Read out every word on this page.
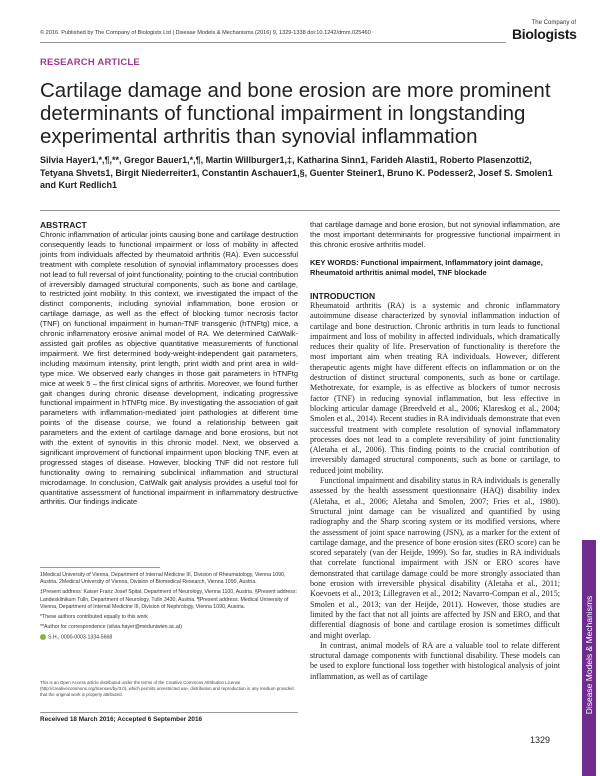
© 2016. Published by The Company of Biologists Ltd | Disease Models & Mechanisms (2016) 9, 1329-1338 doi:10.1242/dmm.025460
The Company of
Biologists
RESEARCH ARTICLE
Cartilage damage and bone erosion are more prominent determinants of functional impairment in longstanding experimental arthritis than synovial inflammation
Silvia Hayer1,*,¶,**, Gregor Bauer1,*,¶, Martin Willburger1,‡, Katharina Sinn1, Farideh Alasti1, Roberto Plasenzotti2, Tetyana Shvets1, Birgit Niederreiter1, Constantin Aschauer1,§, Guenter Steiner1, Bruno K. Podesser2, Josef S. Smolen1 and Kurt Redlich1
ABSTRACT
Chronic inflammation of articular joints causing bone and cartilage destruction consequently leads to functional impairment or loss of mobility in affected joints from individuals affected by rheumatoid arthritis (RA). Even successful treatment with complete resolution of synovial inflammatory processes does not lead to full reversal of joint functionality, pointing to the crucial contribution of irreversibly damaged structural components, such as bone and cartilage, to restricted joint mobility. In this context, we investigated the impact of the distinct components, including synovial inflammation, bone erosion or cartilage damage, as well as the effect of blocking tumor necrosis factor (TNF) on functional impairment in human-TNF transgenic (hTNFtg) mice, a chronic inflammatory erosive animal model of RA. We determined CatWalk-assisted gait profiles as objective quantitative measurements of functional impairment. We first determined body-weight-independent gait parameters, including maximum intensity, print length, print width and print area in wild-type mice. We observed early changes in those gait parameters in hTNFtg mice at week 5 – the first clinical signs of arthritis. Moreover, we found further gait changes during chronic disease development, indicating progressive functional impairment in hTNFtg mice. By investigating the association of gait parameters with inflammation-mediated joint pathologies at different time points of the disease course, we found a relationship between gait parameters and the extent of cartilage damage and bone erosions, but not with the extent of synovitis in this chronic model. Next, we observed a significant improvement of functional impairment upon blocking TNF, even at progressed stages of disease. However, blocking TNF did not restore full functionality owing to remaining subclinical inflammation and structural microdamage. In conclusion, CatWalk gait analysis provides a useful tool for quantitative assessment of functional impairment in inflammatory destructive arthritis. Our findings indicate
that cartilage damage and bone erosion, but not synovial inflammation, are the most important determinants for progressive functional impairment in this chronic erosive arthritis model.
KEY WORDS: Functional impairment, Inflammatory joint damage, Rheumatoid arthritis animal model, TNF blockade
INTRODUCTION

Rheumatoid arthritis (RA) is a systemic and chronic inflammatory autoimmune disease characterized by synovial inflammation induction of cartilage and bone destruction. Chronic arthritis in turn leads to functional impairment and loss of mobility in affected individuals, which dramatically reduces their quality of life. Preservation of functionality is therefore the most important aim when treating RA individuals. However, different therapeutic agents might have different effects on inflammation or on the destruction of distinct structural components, such as bone or cartilage. Methotrexate, for example, is as effective as blockers of tumor necrosis factor (TNF) in reducing synovial inflammation, but less effective in blocking articular damage (Breedveld et al., 2006; Klareskog et al., 2004; Smolen et al., 2014). Recent studies in RA individuals demonstrate that even successful treatment with complete resolution of synovial inflammatory processes does not lead to a complete reversibility of joint functionality (Aletaha et al., 2006). This finding points to the crucial contribution of irreversibly damaged structural components, such as bone or cartilage, to reduced joint mobility.

Functional impairment and disability status in RA individuals is generally assessed by the health assessment questionnaire (HAQ) disability index (Aletaha, et al., 2006; Aletaha and Smolen, 2007; Fries et al., 1980). Structural joint damage can be visualized and quantified by using radiography and the Sharp scoring system or its modified versions, where the assessment of joint space narrowing (JSN), as a marker for the extent of cartilage damage, and the presence of bone erosion sites (ERO score) can be scored separately (van der Heijde, 1999). So far, studies in RA individuals that correlate functional impairment with JSN or ERO scores have demonstrated that cartilage damage could be more strongly associated than bone erosion with irreversible physical disability (Aletaha et al., 2011; Koevoets et al., 2013; Lillegraven et al., 2012; Navarro-Compan et al., 2015; Smolen et al., 2013; van der Heijde, 2011). However, those studies are limited by the fact that not all joints are affected by JSN and ERO, and that differential diagnosis of bone and cartilage erosion is sometimes difficult and might overlap.

In contrast, animal models of RA are a valuable tool to relate different structural damage components with functional disability. These models can be used to explore functional loss together with histological analysis of joint inflammation, as well as of cartilage

1Medical University of Vienna, Department of Internal Medicine III, Division of Rheumatology, Vienna 1090, Austria. 2Medical University of Vienna, Division of Biomedical Research, Vienna 1090, Austria.

‡Present address: Kaiser Franz Josef Spital, Department of Neurology, Vienna 1100, Austria. §Present address: Landesklinikum Tulln, Department of Neurology, Tulln 3430, Austria. ¶Present address: Medical University of Vienna, Department of Internal Medicine III, Division of Nephrology, Vienna 1090, Austria.

*These authors contributed equally to this work

**Author for correspondence (silvia.hayer@meduniwien.ac.at)

S.H., 0000-0003-1334-5668

This is an Open Access article distributed under the terms of the Creative Commons Attribution License (http://creativecommons.org/licenses/by/3.0), which permits unrestricted use, distribution and reproduction in any medium provided that the original work is properly attributed.
Received 18 March 2016; Accepted 6 September 2016
1329
Disease Models & Mechanisms
